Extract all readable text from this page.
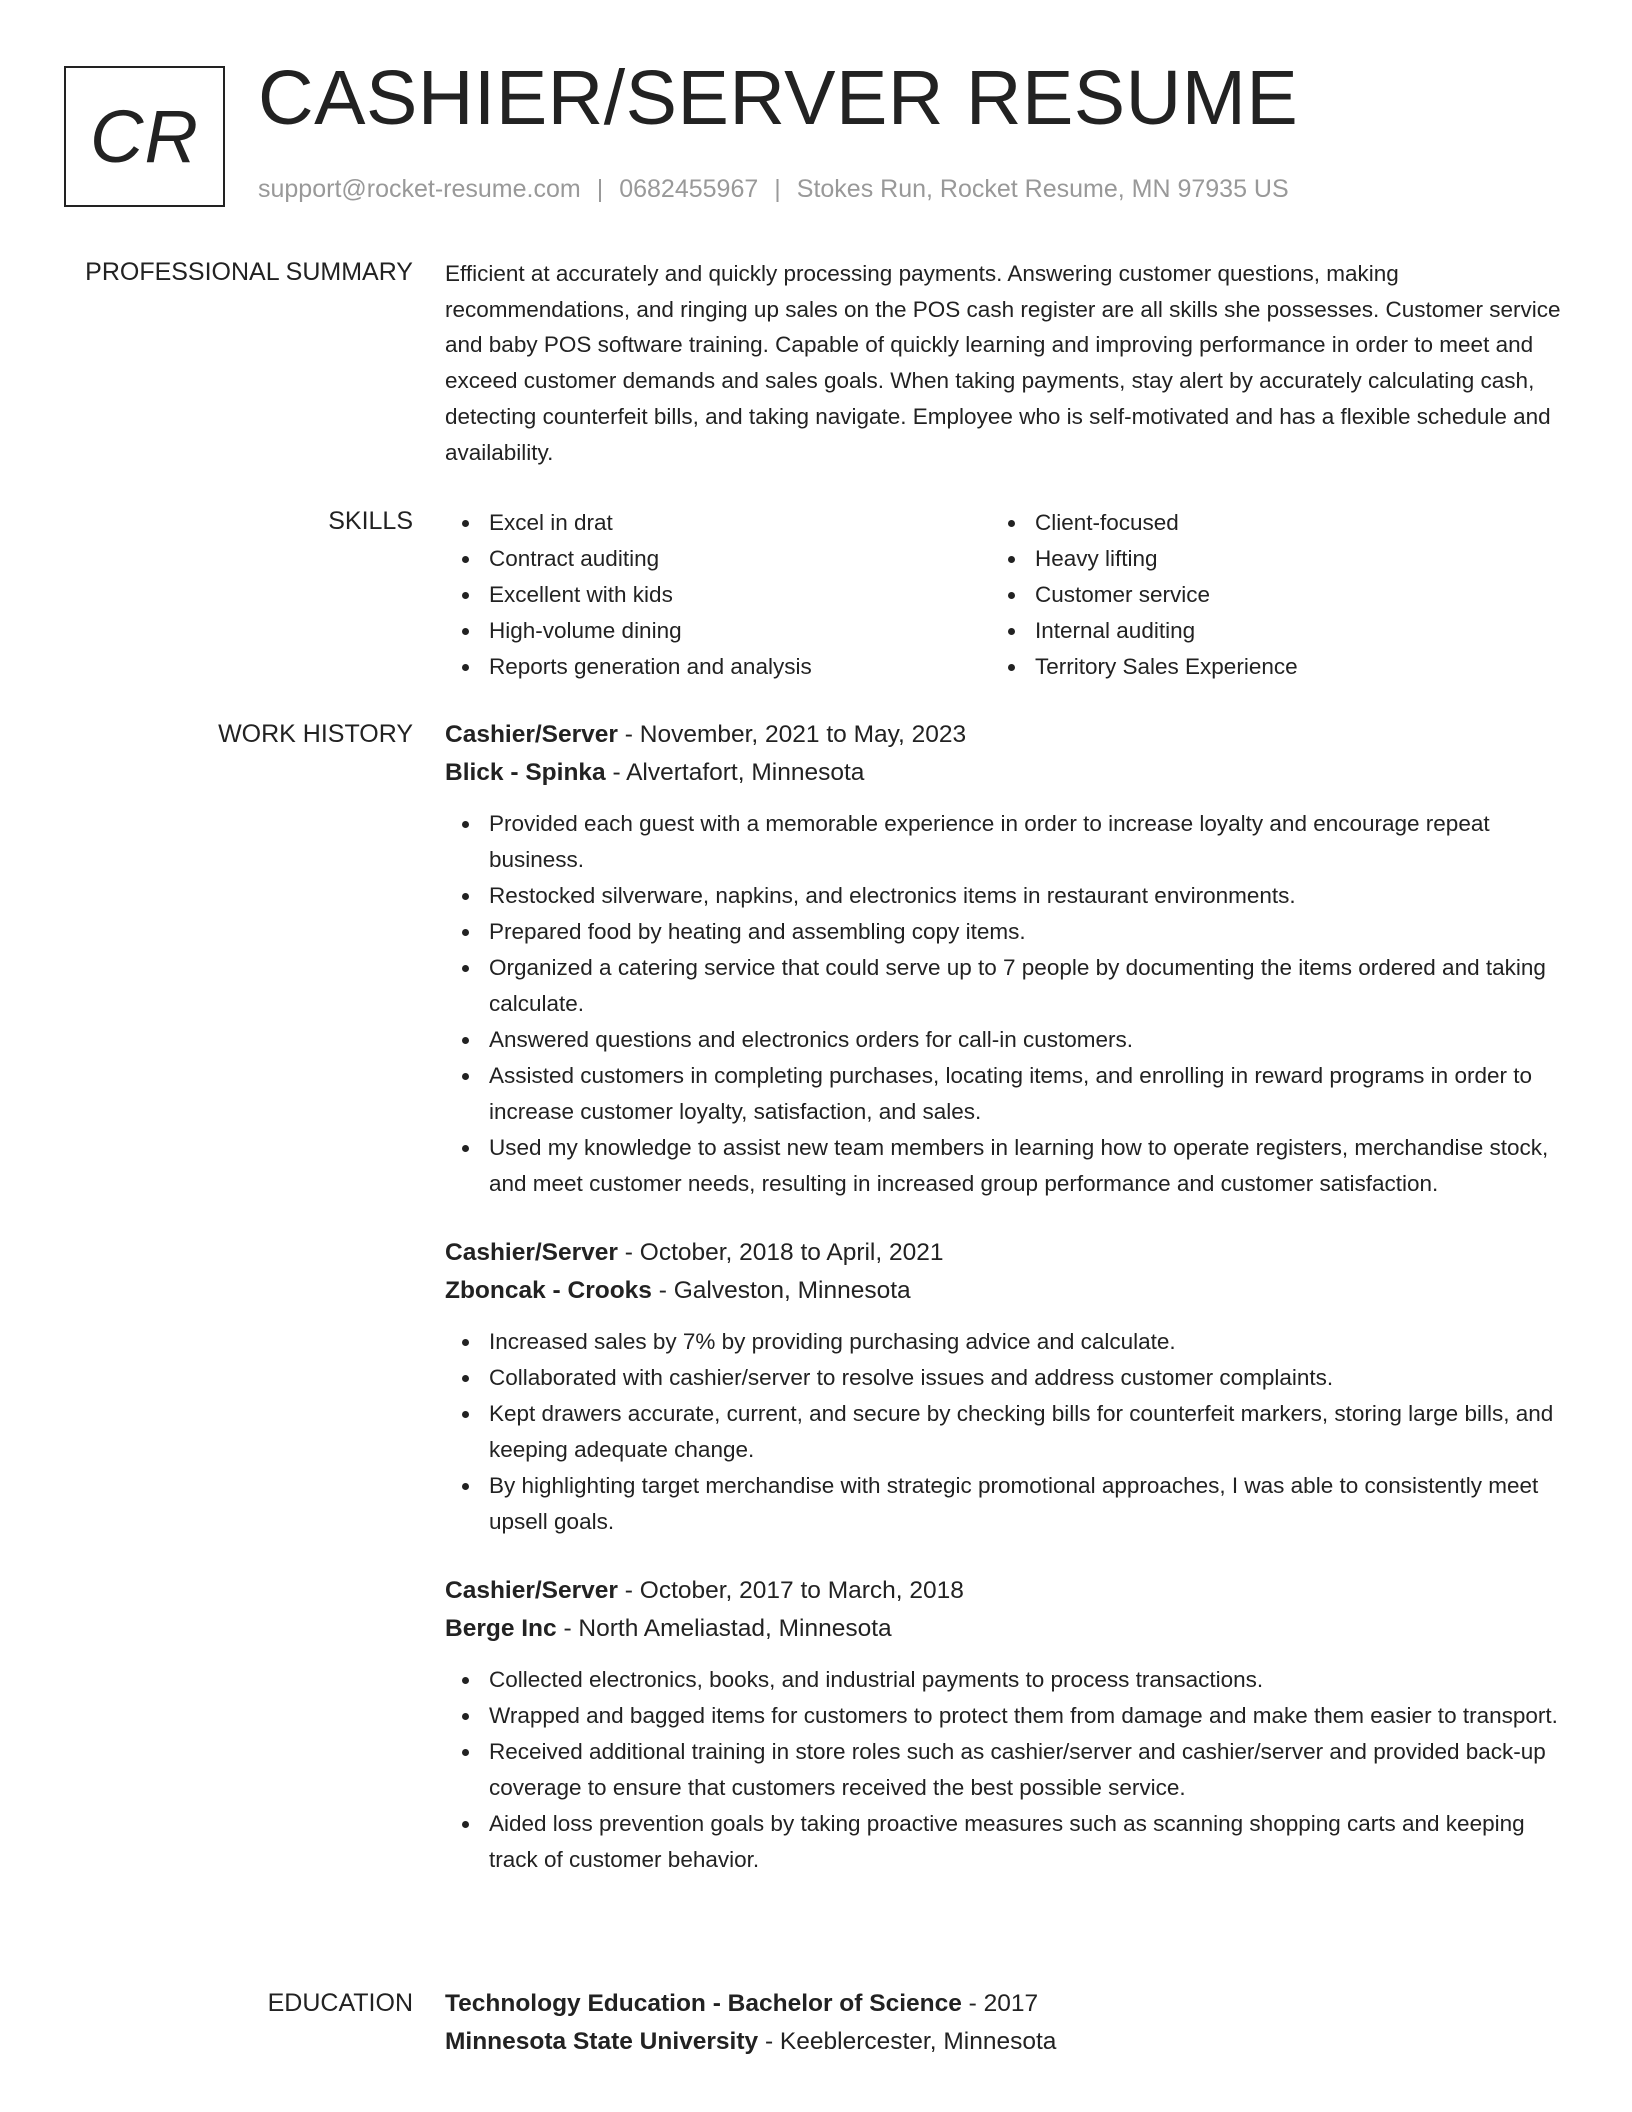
CR CASHIER/SERVER RESUME
support@rocket-resume.com | 0682455967 | Stokes Run, Rocket Resume, MN 97935 US
PROFESSIONAL SUMMARY Efficient at accurately and quickly processing payments. Answering customer questions, making recommendations, and ringing up sales on the POS cash register are all skills she possesses. Customer service and baby POS software training. Capable of quickly learning and improving performance in order to meet and exceed customer demands and sales goals. When taking payments, stay alert by accurately calculating cash, detecting counterfeit bills, and taking navigate. Employee who is self-motivated and has a flexible schedule and availability.

SKILLS	Excel in drat
Contract auditing
Excellent with kids
High-volume dining
Reports generation and analysis
Client-focused
Heavy lifting
Customer service
Internal auditing
Territory Sales Experience
WORK HISTORY Cashier/Server - November, 2021 to May, 2023
Blick - Spinka - Alvertafort, Minnesota
Provided each guest with a memorable experience in order to increase loyalty and encourage repeat business.
Restocked silverware, napkins, and electronics items in restaurant environments.
Prepared food by heating and assembling copy items.
Organized a catering service that could serve up to 7 people by documenting the items ordered and taking calculate.
Answered questions and electronics orders for call-in customers.
Assisted customers in completing purchases, locating items, and enrolling in reward programs in order to increase customer loyalty, satisfaction, and sales.
Used my knowledge to assist new team members in learning how to operate registers, merchandise stock, and meet customer needs, resulting in increased group performance and customer satisfaction.
Cashier/Server - October, 2018 to April, 2021
Zboncak - Crooks - Galveston, Minnesota
Increased sales by 7% by providing purchasing advice and calculate.
Collaborated with cashier/server to resolve issues and address customer complaints.
Kept drawers accurate, current, and secure by checking bills for counterfeit markers, storing large bills, and keeping adequate change.
By highlighting target merchandise with strategic promotional approaches, I was able to consistently meet upsell goals.
Cashier/Server - October, 2017 to March, 2018
Berge Inc - North Ameliastad, Minnesota
Collected electronics, books, and industrial payments to process transactions.
Wrapped and bagged items for customers to protect them from damage and make them easier to transport.
Received additional training in store roles such as cashier/server and cashier/server and provided back-up coverage to ensure that customers received the best possible service.
Aided loss prevention goals by taking proactive measures such as scanning shopping carts and keeping track of customer behavior.
EDUCATION Technology Education - Bachelor of Science - 2017
Minnesota State University - Keeblercester, Minnesota
